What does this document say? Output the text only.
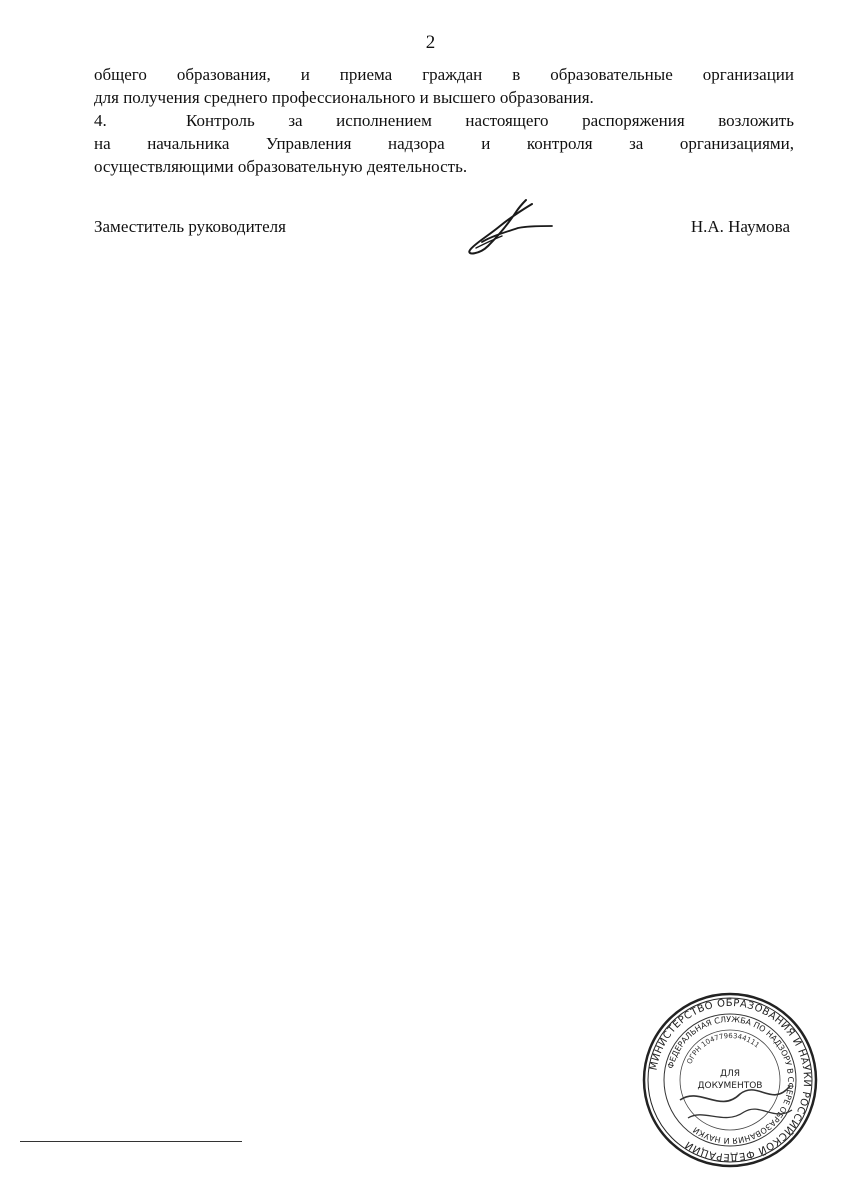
2
общего образования, и приема граждан в образовательные организации
для получения среднего профессионального и высшего образования.
4.	Контроль за исполнением настоящего распоряжения возложить
на начальника Управления надзора и контроля за организациями,
осуществляющими образовательную деятельность.
Заместитель руководителя	Н.А. Наумова
МИНИСТЕРСТВО ОБРАЗОВАНИЯ И НАУКИ РОССИЙСКОЙ ФЕДЕРАЦИИ
ФЕДЕРАЛЬНАЯ СЛУЖБА ПО НАДЗОРУ В СФЕРЕ ОБРАЗОВАНИЯ И НАУКИ
ОГРН 1047796344111
ДЛЯ
ДОКУМЕНТОВ
